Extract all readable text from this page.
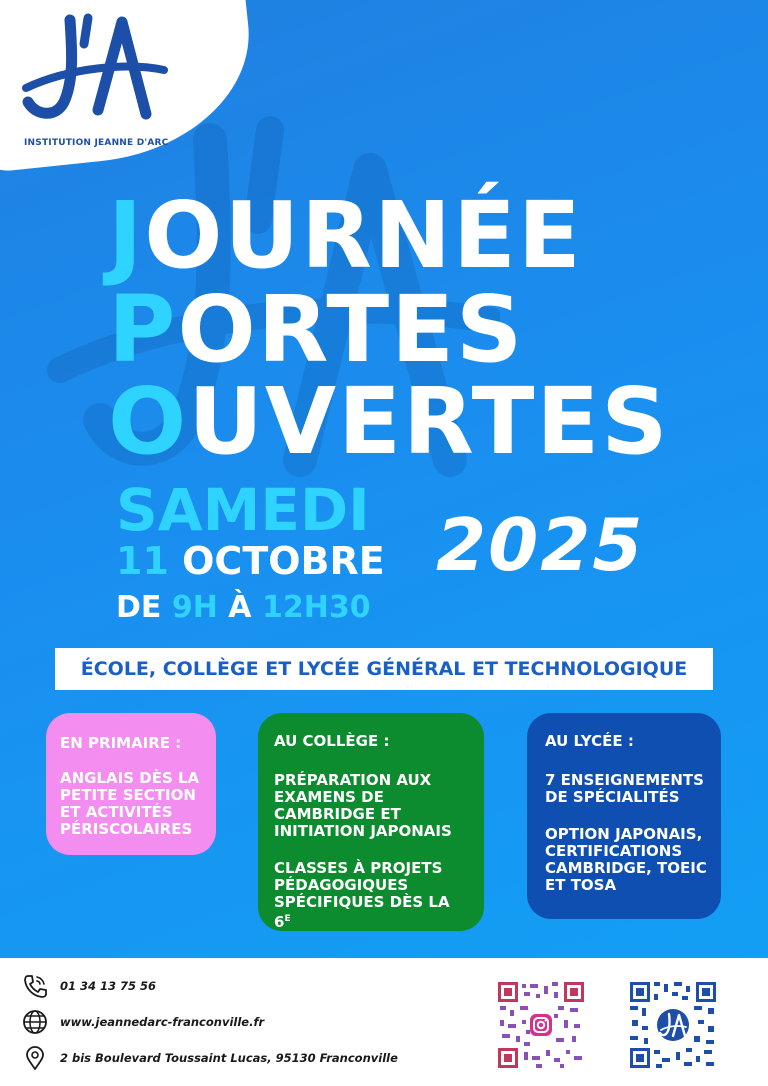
INSTITUTION JEANNE D'ARC
JOURNÉE
PORTES
OUVERTES
SAMEDI
11 OCTOBRE
DE 9H À 12H30
2025
ÉCOLE, COLLÈGE ET LYCÉE GÉNÉRAL ET TECHNOLOGIQUE
EN PRIMAIRE :

ANGLAIS DÈS LA PETITE SECTION ET ACTIVITÉS PÉRISCOLAIRES

AU COLLÈGE :

PRÉPARATION AUX EXAMENS DE CAMBRIDGE ET INITIATION JAPONAIS

CLASSES À PROJETS PÉDAGOGIQUES SPÉCIFIQUES DÈS LA $6^E$

AU LYCÉE :

7 ENSEIGNEMENTS DE SPÉCIALITÉS

OPTION JAPONAIS, CERTIFICATIONS CAMBRIDGE, TOEIC ET TOSA

01 34 13 75 56
www.jeannedarc-franconville.fr
2 bis Boulevard Toussaint Lucas, 95130 Franconville
